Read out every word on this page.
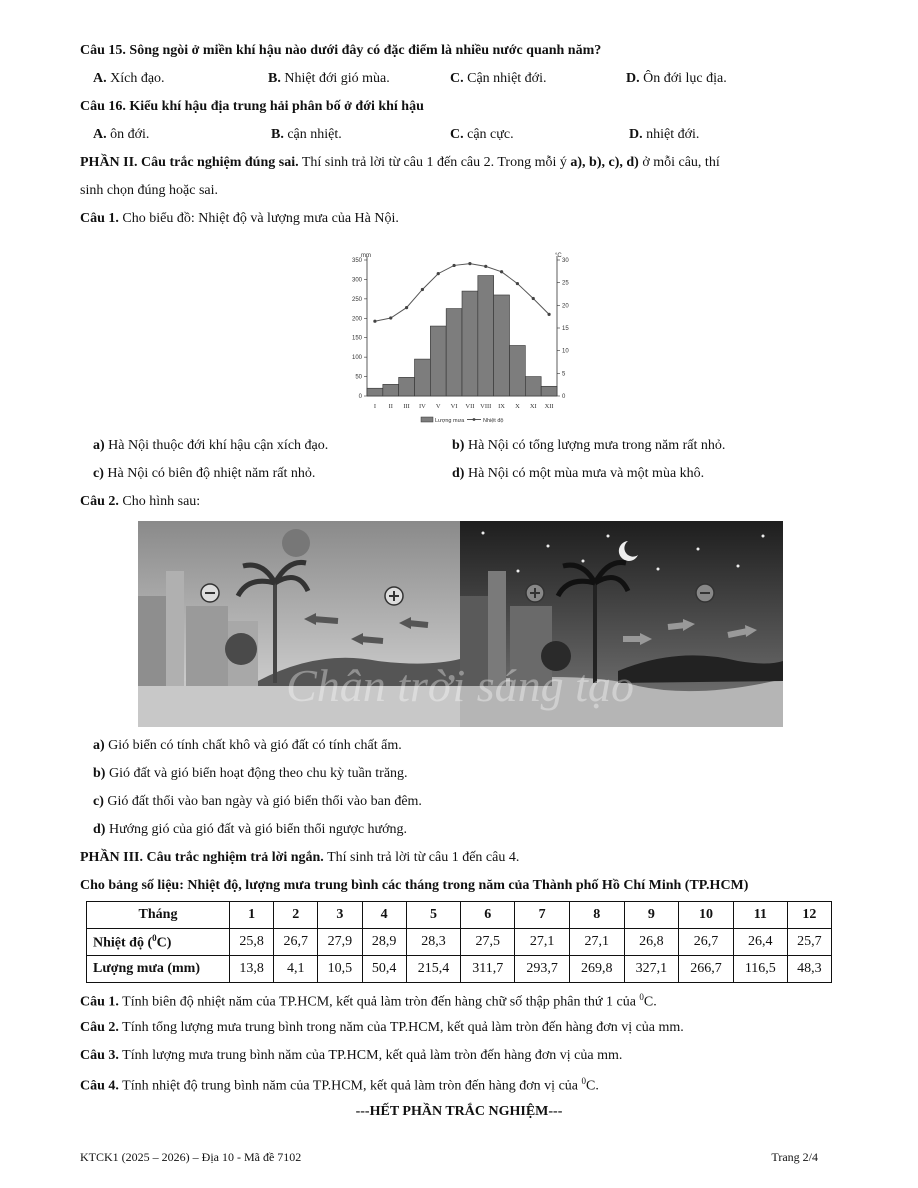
Câu 15. Sông ngòi ở miền khí hậu nào dưới đây có đặc điểm là nhiều nước quanh năm?
A. Xích đạo.	B. Nhiệt đới gió mùa.	C. Cận nhiệt đới.	D. Ôn đới lục địa.
Câu 16. Kiểu khí hậu địa trung hải phân bố ở đới khí hậu
A. ôn đới.	B. cận nhiệt.	C. cận cực.	D. nhiệt đới.
PHẦN II. Câu trắc nghiệm đúng sai. Thí sinh trả lời từ câu 1 đến câu 2. Trong mỗi ý a), b), c), d) ở mỗi câu, thí
sinh chọn đúng hoặc sai.
Câu 1. Cho biểu đồ: Nhiệt độ và lượng mưa của Hà Nội.
mm	°C
0
50
100
150
200
250
300
350
0
5
10
15
20
25
30
I II III IV V VI VII VIII IX X XI XII
Lượng mưa	Nhiệt độ
a) Hà Nội thuộc đới khí hậu cận xích đạo.	b) Hà Nội có tổng lượng mưa trong năm rất nhỏ.
c) Hà Nội có biên độ nhiệt năm rất nhỏ.	d) Hà Nội có một mùa mưa và một mùa khô.
Câu 2. Cho hình sau:
Chân trời sáng tạo
a) Gió biển có tính chất khô và gió đất có tính chất ẩm.
b) Gió đất và gió biển hoạt động theo chu kỳ tuần trăng.
c) Gió đất thổi vào ban ngày và gió biển thổi vào ban đêm.
d) Hướng gió của gió đất và gió biển thổi ngược hướng.
PHẦN III. Câu trắc nghiệm trả lời ngắn. Thí sinh trả lời từ câu 1 đến câu 4.
Cho bảng số liệu: Nhiệt độ, lượng mưa trung bình các tháng trong năm của Thành phố Hồ Chí Minh (TP.HCM)
Tháng	1	2	3	4	5	6	7	8	9	10	11	12
Nhiệt độ ($^0$C)	25,8	26,7	27,9	28,9	28,3	27,5	27,1	27,1	26,8	26,7	26,4	25,7
Lượng mưa (mm)	13,8	4,1	10,5	50,4	215,4	311,7	293,7	269,8	327,1	266,7	116,5	48,3
Câu 1. Tính biên độ nhiệt năm của TP.HCM, kết quả làm tròn đến hàng chữ số thập phân thứ 1 của $^0$C.
Câu 2. Tính tổng lượng mưa trung bình trong năm của TP.HCM, kết quả làm tròn đến hàng đơn vị của mm.
Câu 3. Tính lượng mưa trung bình năm của TP.HCM, kết quả làm tròn đến hàng đơn vị của mm.
Câu 4. Tính nhiệt độ trung bình năm của TP.HCM, kết quả làm tròn đến hàng đơn vị của $^0$C.
---HẾT PHẦN TRẮC NGHIỆM---
KTCK1 (2025 – 2026) – Địa 10 - Mã đề 7102	Trang 2/4
